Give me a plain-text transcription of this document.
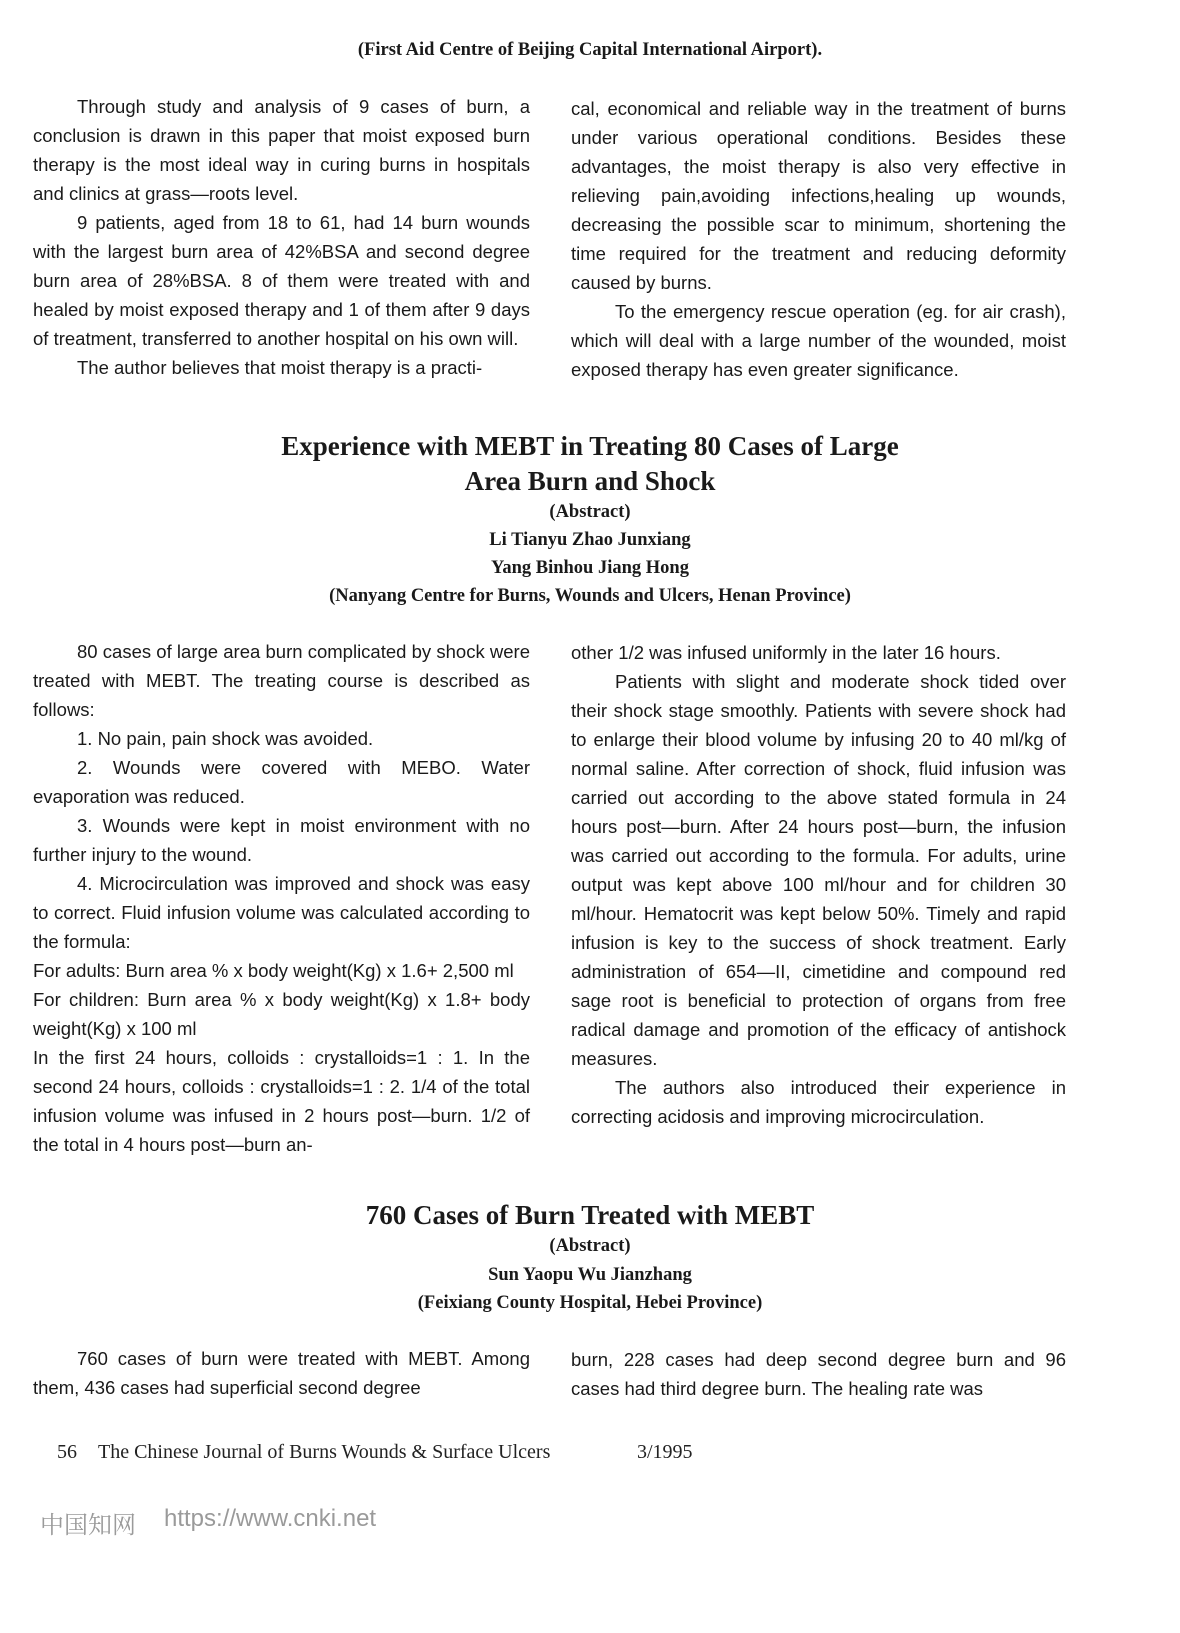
(First Aid Centre of Beijing Capital International Airport).

Through study and analysis of 9 cases of burn, a conclusion is drawn in this paper that moist exposed burn therapy is the most ideal way in curing burns in hospitals and clinics at grass—roots level.

9 patients, aged from 18 to 61, had 14 burn wounds with the largest burn area of 42%BSA and second degree burn area of 28%BSA. 8 of them were treated with and healed by moist exposed therapy and 1 of them after 9 days of treatment, transferred to another hospital on his own will.

The author believes that moist therapy is a practi-

cal, economical and reliable way in the treatment of burns under various operational conditions. Besides these advantages, the moist therapy is also very effective in relieving pain,avoiding infections,healing up wounds, decreasing the possible scar to minimum, shortening the time required for the treatment and reducing deformity caused by burns.

To the emergency rescue operation (eg. for air crash), which will deal with a large number of the wounded, moist exposed therapy has even greater significance.

Experience with MEBT in Treating 80 Cases of Large
Area Burn and Shock
(Abstract)
Li Tianyu Zhao Junxiang
Yang Binhou Jiang Hong
(Nanyang Centre for Burns, Wounds and Ulcers, Henan Province)

80 cases of large area burn complicated by shock were treated with MEBT. The treating course is described as follows:

1. No pain, pain shock was avoided.

2. Wounds were covered with MEBO. Water evaporation was reduced.

3. Wounds were kept in moist environment with no further injury to the wound.

4. Microcirculation was improved and shock was easy to correct. Fluid infusion volume was calculated according to the formula:

For adults: Burn area % x body weight(Kg) x 1.6+ 2,500 ml

For children: Burn area % x body weight(Kg) x 1.8+ body weight(Kg) x 100 ml

In the first 24 hours, colloids : crystalloids=1 : 1. In the second 24 hours, colloids : crystalloids=1 : 2. 1/4 of the total infusion volume was infused in 2 hours post—burn. 1/2 of the total in 4 hours post—burn an-

other 1/2 was infused uniformly in the later 16 hours.

Patients with slight and moderate shock tided over their shock stage smoothly. Patients with severe shock had to enlarge their blood volume by infusing 20 to 40 ml/kg of normal saline. After correction of shock, fluid infusion was carried out according to the above stated formula in 24 hours post—burn. After 24 hours post—burn, the infusion was carried out according to the formula. For adults, urine output was kept above 100 ml/hour and for children 30 ml/hour. Hematocrit was kept below 50%. Timely and rapid infusion is key to the success of shock treatment. Early administration of 654—II, cimetidine and compound red sage root is beneficial to protection of organs from free radical damage and promotion of the efficacy of antishock measures.

The authors also introduced their experience in correcting acidosis and improving microcirculation.

760 Cases of Burn Treated with MEBT
(Abstract)
Sun Yaopu Wu Jianzhang
(Feixiang County Hospital, Hebei Province)

760 cases of burn were treated with MEBT. Among them, 436 cases had superficial second degree

burn, 228 cases had deep second degree burn and 96 cases had third degree burn. The healing rate was

56 The Chinese Journal of Burns Wounds & Surface Ulcers	3/1995
中国知网 https://www.cnki.net
